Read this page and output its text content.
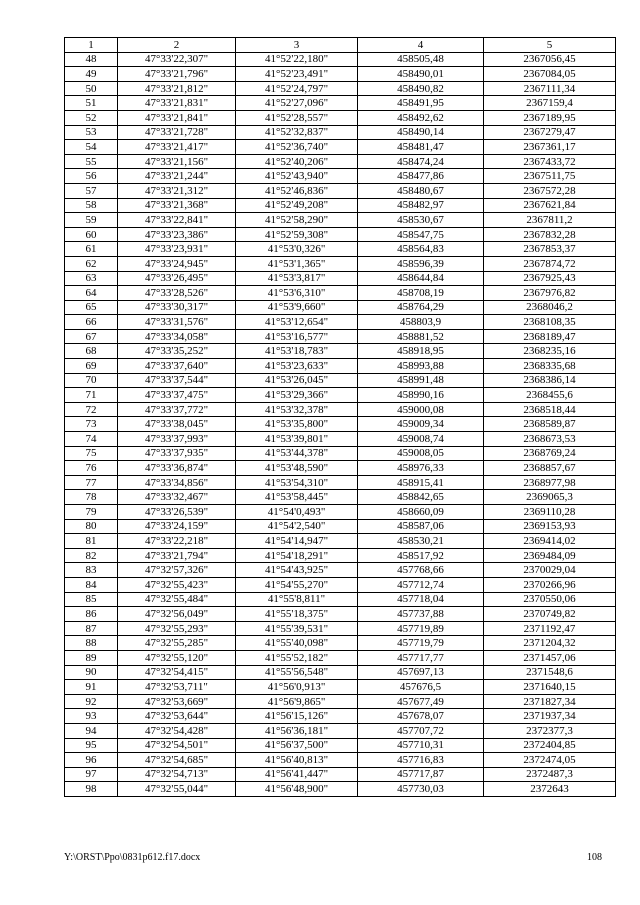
1	2	3	4	5
48	47°33'22,307"	41°52'22,180"	458505,48	2367056,45
49	47°33'21,796"	41°52'23,491"	458490,01	2367084,05
50	47°33'21,812"	41°52'24,797"	458490,82	2367111,34
51	47°33'21,831"	41°52'27,096"	458491,95	2367159,4
52	47°33'21,841"	41°52'28,557"	458492,62	2367189,95
53	47°33'21,728"	41°52'32,837"	458490,14	2367279,47
54	47°33'21,417"	41°52'36,740"	458481,47	2367361,17
55	47°33'21,156"	41°52'40,206"	458474,24	2367433,72
56	47°33'21,244"	41°52'43,940"	458477,86	2367511,75
57	47°33'21,312"	41°52'46,836"	458480,67	2367572,28
58	47°33'21,368"	41°52'49,208"	458482,97	2367621,84
59	47°33'22,841"	41°52'58,290"	458530,67	2367811,2
60	47°33'23,386"	41°52'59,308"	458547,75	2367832,28
61	47°33'23,931"	41°53'0,326"	458564,83	2367853,37
62	47°33'24,945"	41°53'1,365"	458596,39	2367874,72
63	47°33'26,495"	41°53'3,817"	458644,84	2367925,43
64	47°33'28,526"	41°53'6,310"	458708,19	2367976,82
65	47°33'30,317"	41°53'9,660"	458764,29	2368046,2
66	47°33'31,576"	41°53'12,654"	458803,9	2368108,35
67	47°33'34,058"	41°53'16,577"	458881,52	2368189,47
68	47°33'35,252"	41°53'18,783"	458918,95	2368235,16
69	47°33'37,640"	41°53'23,633"	458993,88	2368335,68
70	47°33'37,544"	41°53'26,045"	458991,48	2368386,14
71	47°33'37,475"	41°53'29,366"	458990,16	2368455,6
72	47°33'37,772"	41°53'32,378"	459000,08	2368518,44
73	47°33'38,045"	41°53'35,800"	459009,34	2368589,87
74	47°33'37,993"	41°53'39,801"	459008,74	2368673,53
75	47°33'37,935"	41°53'44,378"	459008,05	2368769,24
76	47°33'36,874"	41°53'48,590"	458976,33	2368857,67
77	47°33'34,856"	41°53'54,310"	458915,41	2368977,98
78	47°33'32,467"	41°53'58,445"	458842,65	2369065,3
79	47°33'26,539"	41°54'0,493"	458660,09	2369110,28
80	47°33'24,159"	41°54'2,540"	458587,06	2369153,93
81	47°33'22,218"	41°54'14,947"	458530,21	2369414,02
82	47°33'21,794"	41°54'18,291"	458517,92	2369484,09
83	47°32'57,326"	41°54'43,925"	457768,66	2370029,04
84	47°32'55,423"	41°54'55,270"	457712,74	2370266,96
85	47°32'55,484"	41°55'8,811"	457718,04	2370550,06
86	47°32'56,049"	41°55'18,375"	457737,88	2370749,82
87	47°32'55,293"	41°55'39,531"	457719,89	2371192,47
88	47°32'55,285"	41°55'40,098"	457719,79	2371204,32
89	47°32'55,120"	41°55'52,182"	457717,77	2371457,06
90	47°32'54,415"	41°55'56,548"	457697,13	2371548,6
91	47°32'53,711"	41°56'0,913"	457676,5	2371640,15
92	47°32'53,669"	41°56'9,865"	457677,49	2371827,34
93	47°32'53,644"	41°56'15,126"	457678,07	2371937,34
94	47°32'54,428"	41°56'36,181"	457707,72	2372377,3
95	47°32'54,501"	41°56'37,500"	457710,31	2372404,85
96	47°32'54,685"	41°56'40,813"	457716,83	2372474,05
97	47°32'54,713"	41°56'41,447"	457717,87	2372487,3
98	47°32'55,044"	41°56'48,900"	457730,03	2372643
Y:\ORST\Ppo\0831p612.f17.docx	108
